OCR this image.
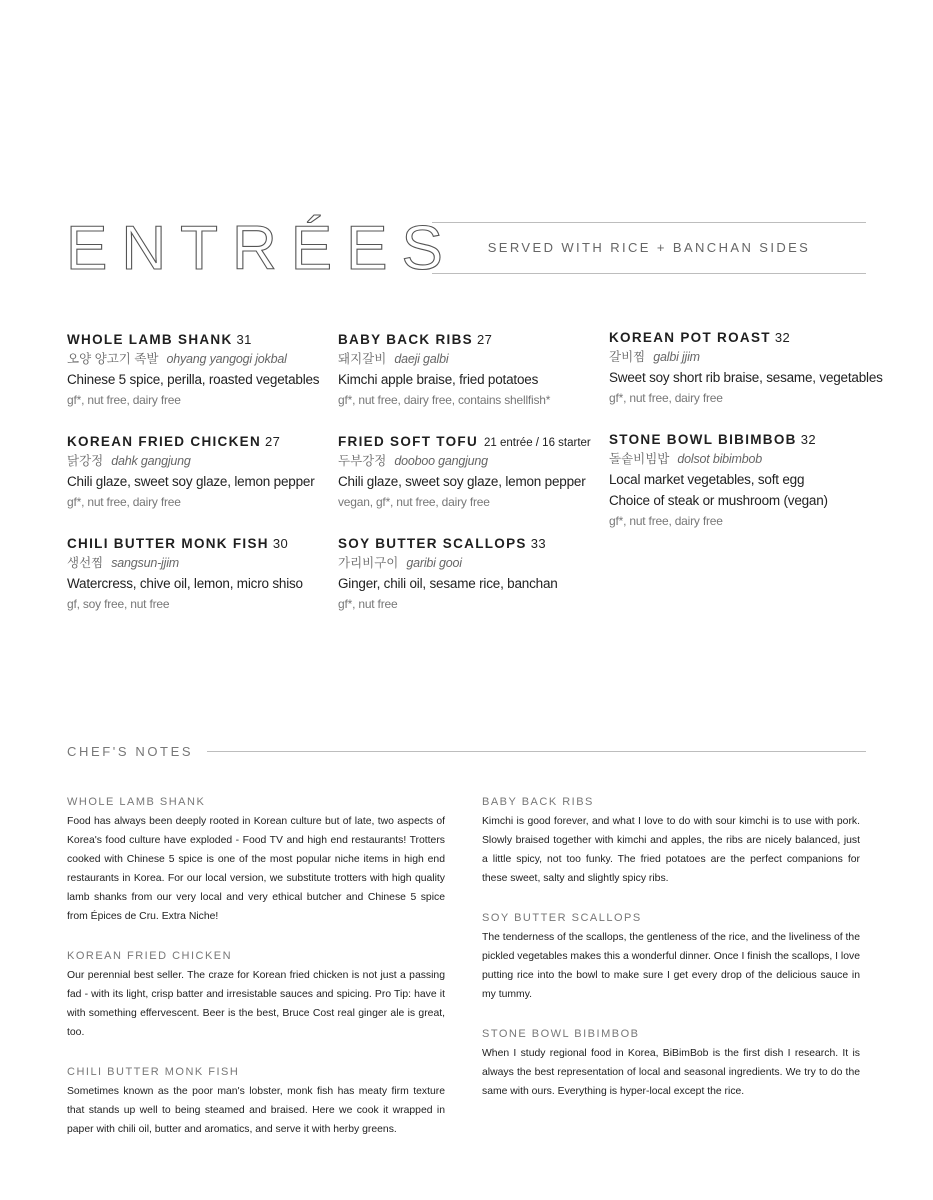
ENTRÉES	SERVED WITH RICE + BANCHAN SIDES
WHOLE LAMB SHANK 31
오양 양고기 족발 ohyang yangogi jokbal
Chinese 5 spice, perilla, roasted vegetables
gf*, nut free, dairy free
KOREAN FRIED CHICKEN 27
닭강정 dahk gangjung
Chili glaze, sweet soy glaze, lemon pepper
gf*, nut free, dairy free
CHILI BUTTER MONK FISH 30
생선찜 sangsun-jjim
Watercress, chive oil, lemon, micro shiso
gf, soy free, nut free
BABY BACK RIBS 27
돼지갈비 daeji galbi
Kimchi apple braise, fried potatoes
gf*, nut free, dairy free, contains shellfish*
FRIED SOFT TOFU 21 entrée / 16 starter
두부강정 dooboo gangjung
Chili glaze, sweet soy glaze, lemon pepper
vegan, gf*, nut free, dairy free
SOY BUTTER SCALLOPS 33
가리비구이 garibi gooi
Ginger, chili oil, sesame rice, banchan
gf*, nut free
KOREAN POT ROAST 32
갈비찜 galbi jjim
Sweet soy short rib braise, sesame, vegetables
gf*, nut free, dairy free
STONE BOWL BIBIMBOB 32
돌솥비빔밥 dolsot bibimbob
Local market vegetables, soft egg
Choice of steak or mushroom (vegan)
gf*, nut free, dairy free
CHEF'S NOTES
WHOLE LAMB SHANK
Food has always been deeply rooted in Korean culture but of late, two aspects of Korea's food culture have exploded - Food TV and high end restaurants! Trotters cooked with Chinese 5 spice is one of the most popular niche items in high end restaurants in Korea. For our local version, we substitute trotters with high quality lamb shanks from our very local and very ethical butcher and Chinese 5 spice from Épices de Cru. Extra Niche!
KOREAN FRIED CHICKEN
Our perennial best seller. The craze for Korean fried chicken is not just a passing fad - with its light, crisp batter and irresistable sauces and spicing. Pro Tip: have it with something effervescent. Beer is the best, Bruce Cost real ginger ale is great, too.
CHILI BUTTER MONK FISH
Sometimes known as the poor man's lobster, monk fish has meaty firm texture that stands up well to being steamed and braised. Here we cook it wrapped in paper with chili oil, butter and aromatics, and serve it with herby greens.
BABY BACK RIBS
Kimchi is good forever, and what I love to do with sour kimchi is to use with pork. Slowly braised together with kimchi and apples, the ribs are nicely balanced, just a little spicy, not too funky. The fried potatoes are the perfect companions for these sweet, salty and slightly spicy ribs.
SOY BUTTER SCALLOPS
The tenderness of the scallops, the gentleness of the rice, and the liveliness of the pickled vegetables makes this a wonderful dinner. Once I finish the scallops, I love putting rice into the bowl to make sure I get every drop of the delicious sauce in my tummy.
STONE BOWL BIBIMBOB
When I study regional food in Korea, BiBimBob is the first dish I research. It is always the best representation of local and seasonal ingredients. We try to do the same with ours. Everything is hyper-local except the rice.
